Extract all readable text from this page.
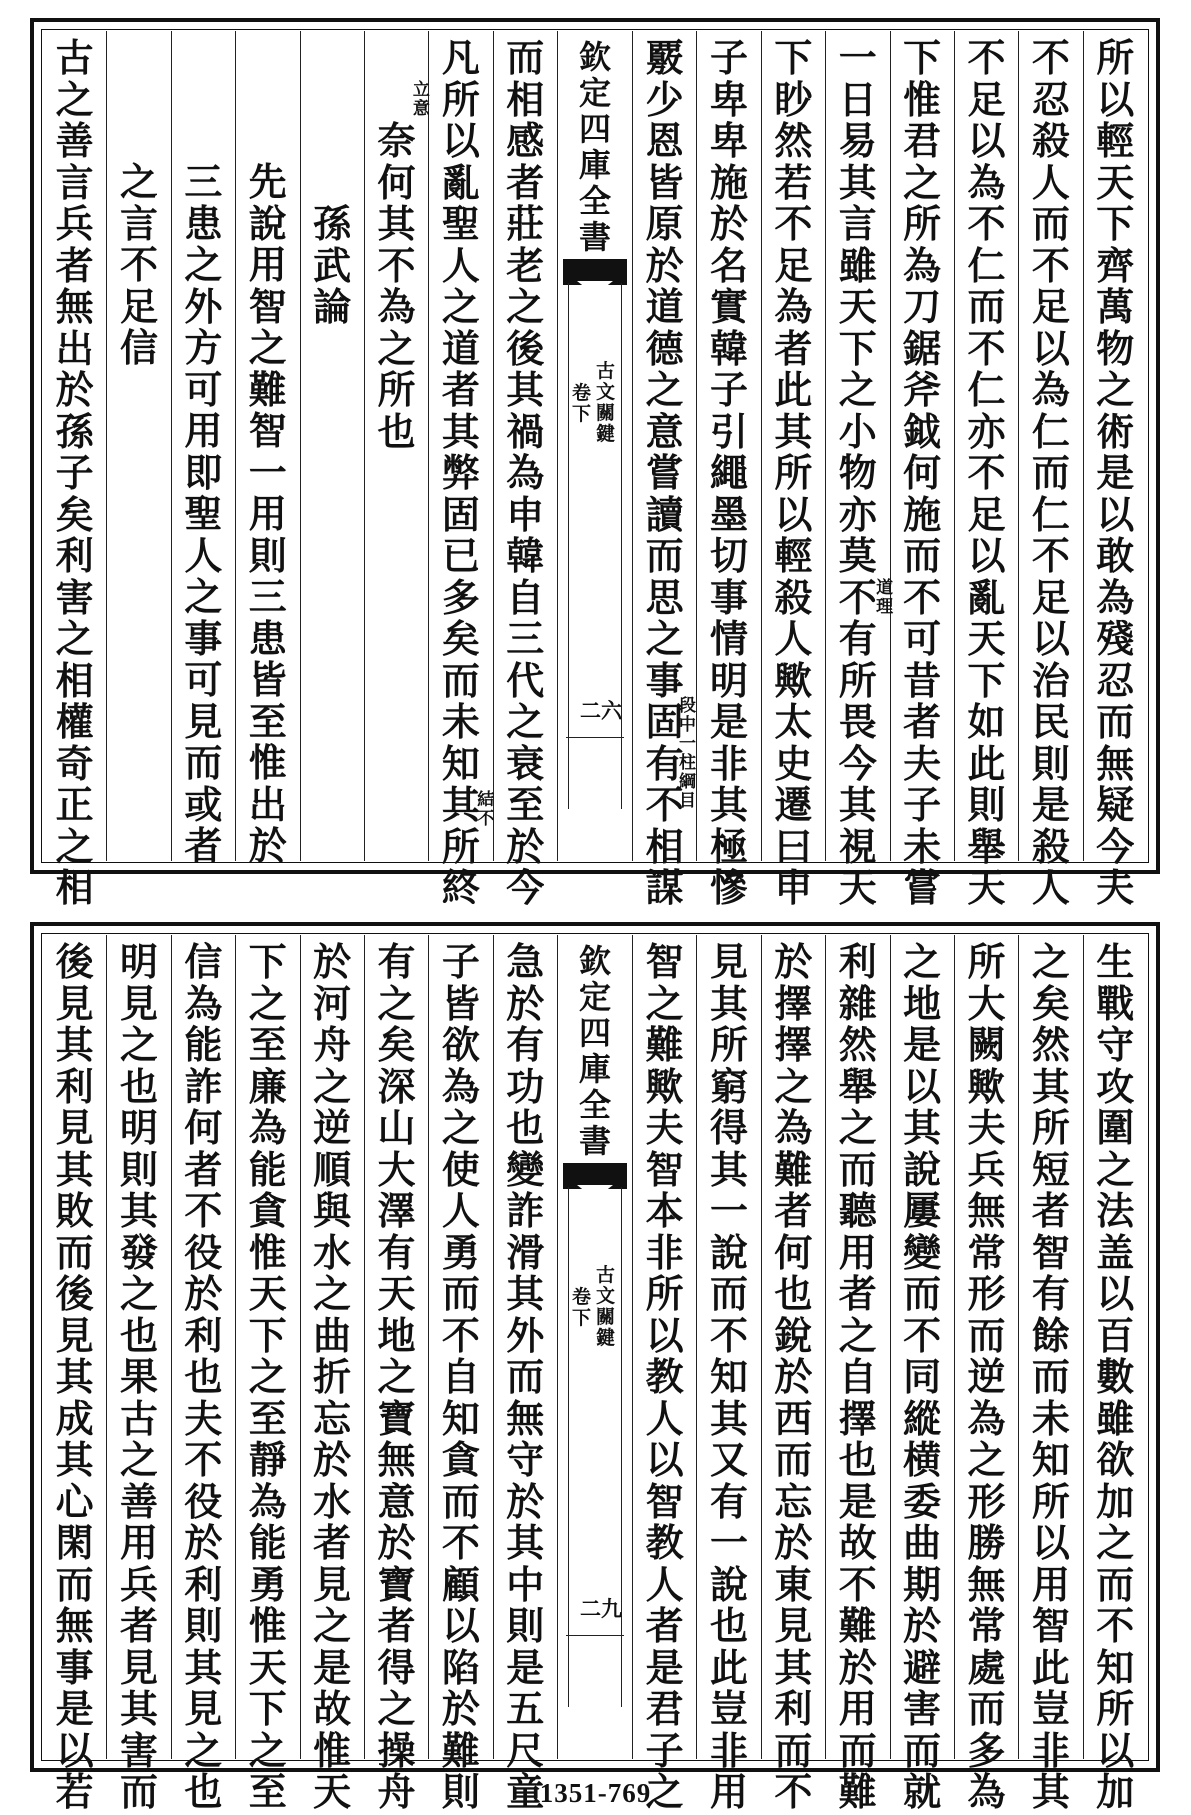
所
以
輕
天
下
齊
萬
物
之
術
是
以
敢
為
殘
忍
而
無
疑
今
夫
不
忍
殺
人
而
不
足
以
為
仁
而
仁
不
足
以
治
民
則
是
殺
人
不
足
以
為
不
仁
而
不
仁
亦
不
足
以
亂
天
下
如
此
則
舉
天
下
惟
君
之
所
為
刀
鋸
斧
鉞
何
施
而
不
可
昔
者
夫
子
未
嘗
一
日
易
其
言
雖
天
下
之
小
物
亦
莫
不
有
所
畏
今
其
視
天
道
理
下
眇
然
若
不
足
為
者
此
其
所
以
輕
殺
人
歟
太
史
遷
曰
申
子
卑
卑
施
於
名
實
韓
子
引
繩
墨
切
事
情
明
是
非
其
極
慘
覈
少
恩
皆
原
於
道
德
之
意
嘗
讀
而
思
之
事
固
有
不
相
謀
段
中
一
柱
綱
目
欽
定
四
庫
全
書
古
文
關
鍵
卷
下
二六
而
相
感
者
莊
老
之
後
其
禍
為
申
韓
自
三
代
之
衰
至
於
今
凡
所
以
亂
聖
人
之
道
者
其
弊
固
已
多
矣
而
未
知
其
所
終
結
不
奈
何
其
不
為
之
所
也
立
意
孫
武
論
先
說
用
智
之
難
智
一
用
則
三
患
皆
至
惟
出
於
三
患
之
外
方
可
用
即
聖
人
之
事
可
見
而
或
者
之
言
不
足
信
古
之
善
言
兵
者
無
出
於
孫
子
矣
利
害
之
相
權
奇
正
之
相
生
戰
守
攻
圍
之
法
盖
以
百
數
雖
欲
加
之
而
不
知
所
以
加
之
矣
然
其
所
短
者
智
有
餘
而
未
知
所
以
用
智
此
豈
非
其
所
大
闕
歟
夫
兵
無
常
形
而
逆
為
之
形
勝
無
常
處
而
多
為
之
地
是
以
其
說
屢
變
而
不
同
縱
横
委
曲
期
於
避
害
而
就
利
雜
然
舉
之
而
聽
用
者
之
自
擇
也
是
故
不
難
於
用
而
難
於
擇
擇
之
為
難
者
何
也
銳
於
西
而
忘
於
東
見
其
利
而
不
見
其
所
窮
得
其
一
說
而
不
知
其
又
有
一
說
也
此
豈
非
用
智
之
難
歟
夫
智
本
非
所
以
教
人
以
智
教
人
者
是
君
子
之
欽
定
四
庫
全
書
古
文
關
鍵
卷
下
二九
急
於
有
功
也
變
詐
滑
其
外
而
無
守
於
其
中
則
是
五
尺
童
子
皆
欲
為
之
使
人
勇
而
不
自
知
貪
而
不
顧
以
陷
於
難
則
有
之
矣
深
山
大
澤
有
天
地
之
寶
無
意
於
寶
者
得
之
操
舟
於
河
舟
之
逆
順
與
水
之
曲
折
忘
於
水
者
見
之
是
故
惟
天
下
之
至
廉
為
能
貪
惟
天
下
之
至
靜
為
能
勇
惟
天
下
之
至
信
為
能
詐
何
者
不
役
於
利
也
夫
不
役
於
利
則
其
見
之
也
明
見
之
也
明
則
其
發
之
也
果
古
之
善
用
兵
者
見
其
害
而
後
見
其
利
見
其
敗
而
後
見
其
成
其
心
閑
而
無
事
是
以
若	1351-769
